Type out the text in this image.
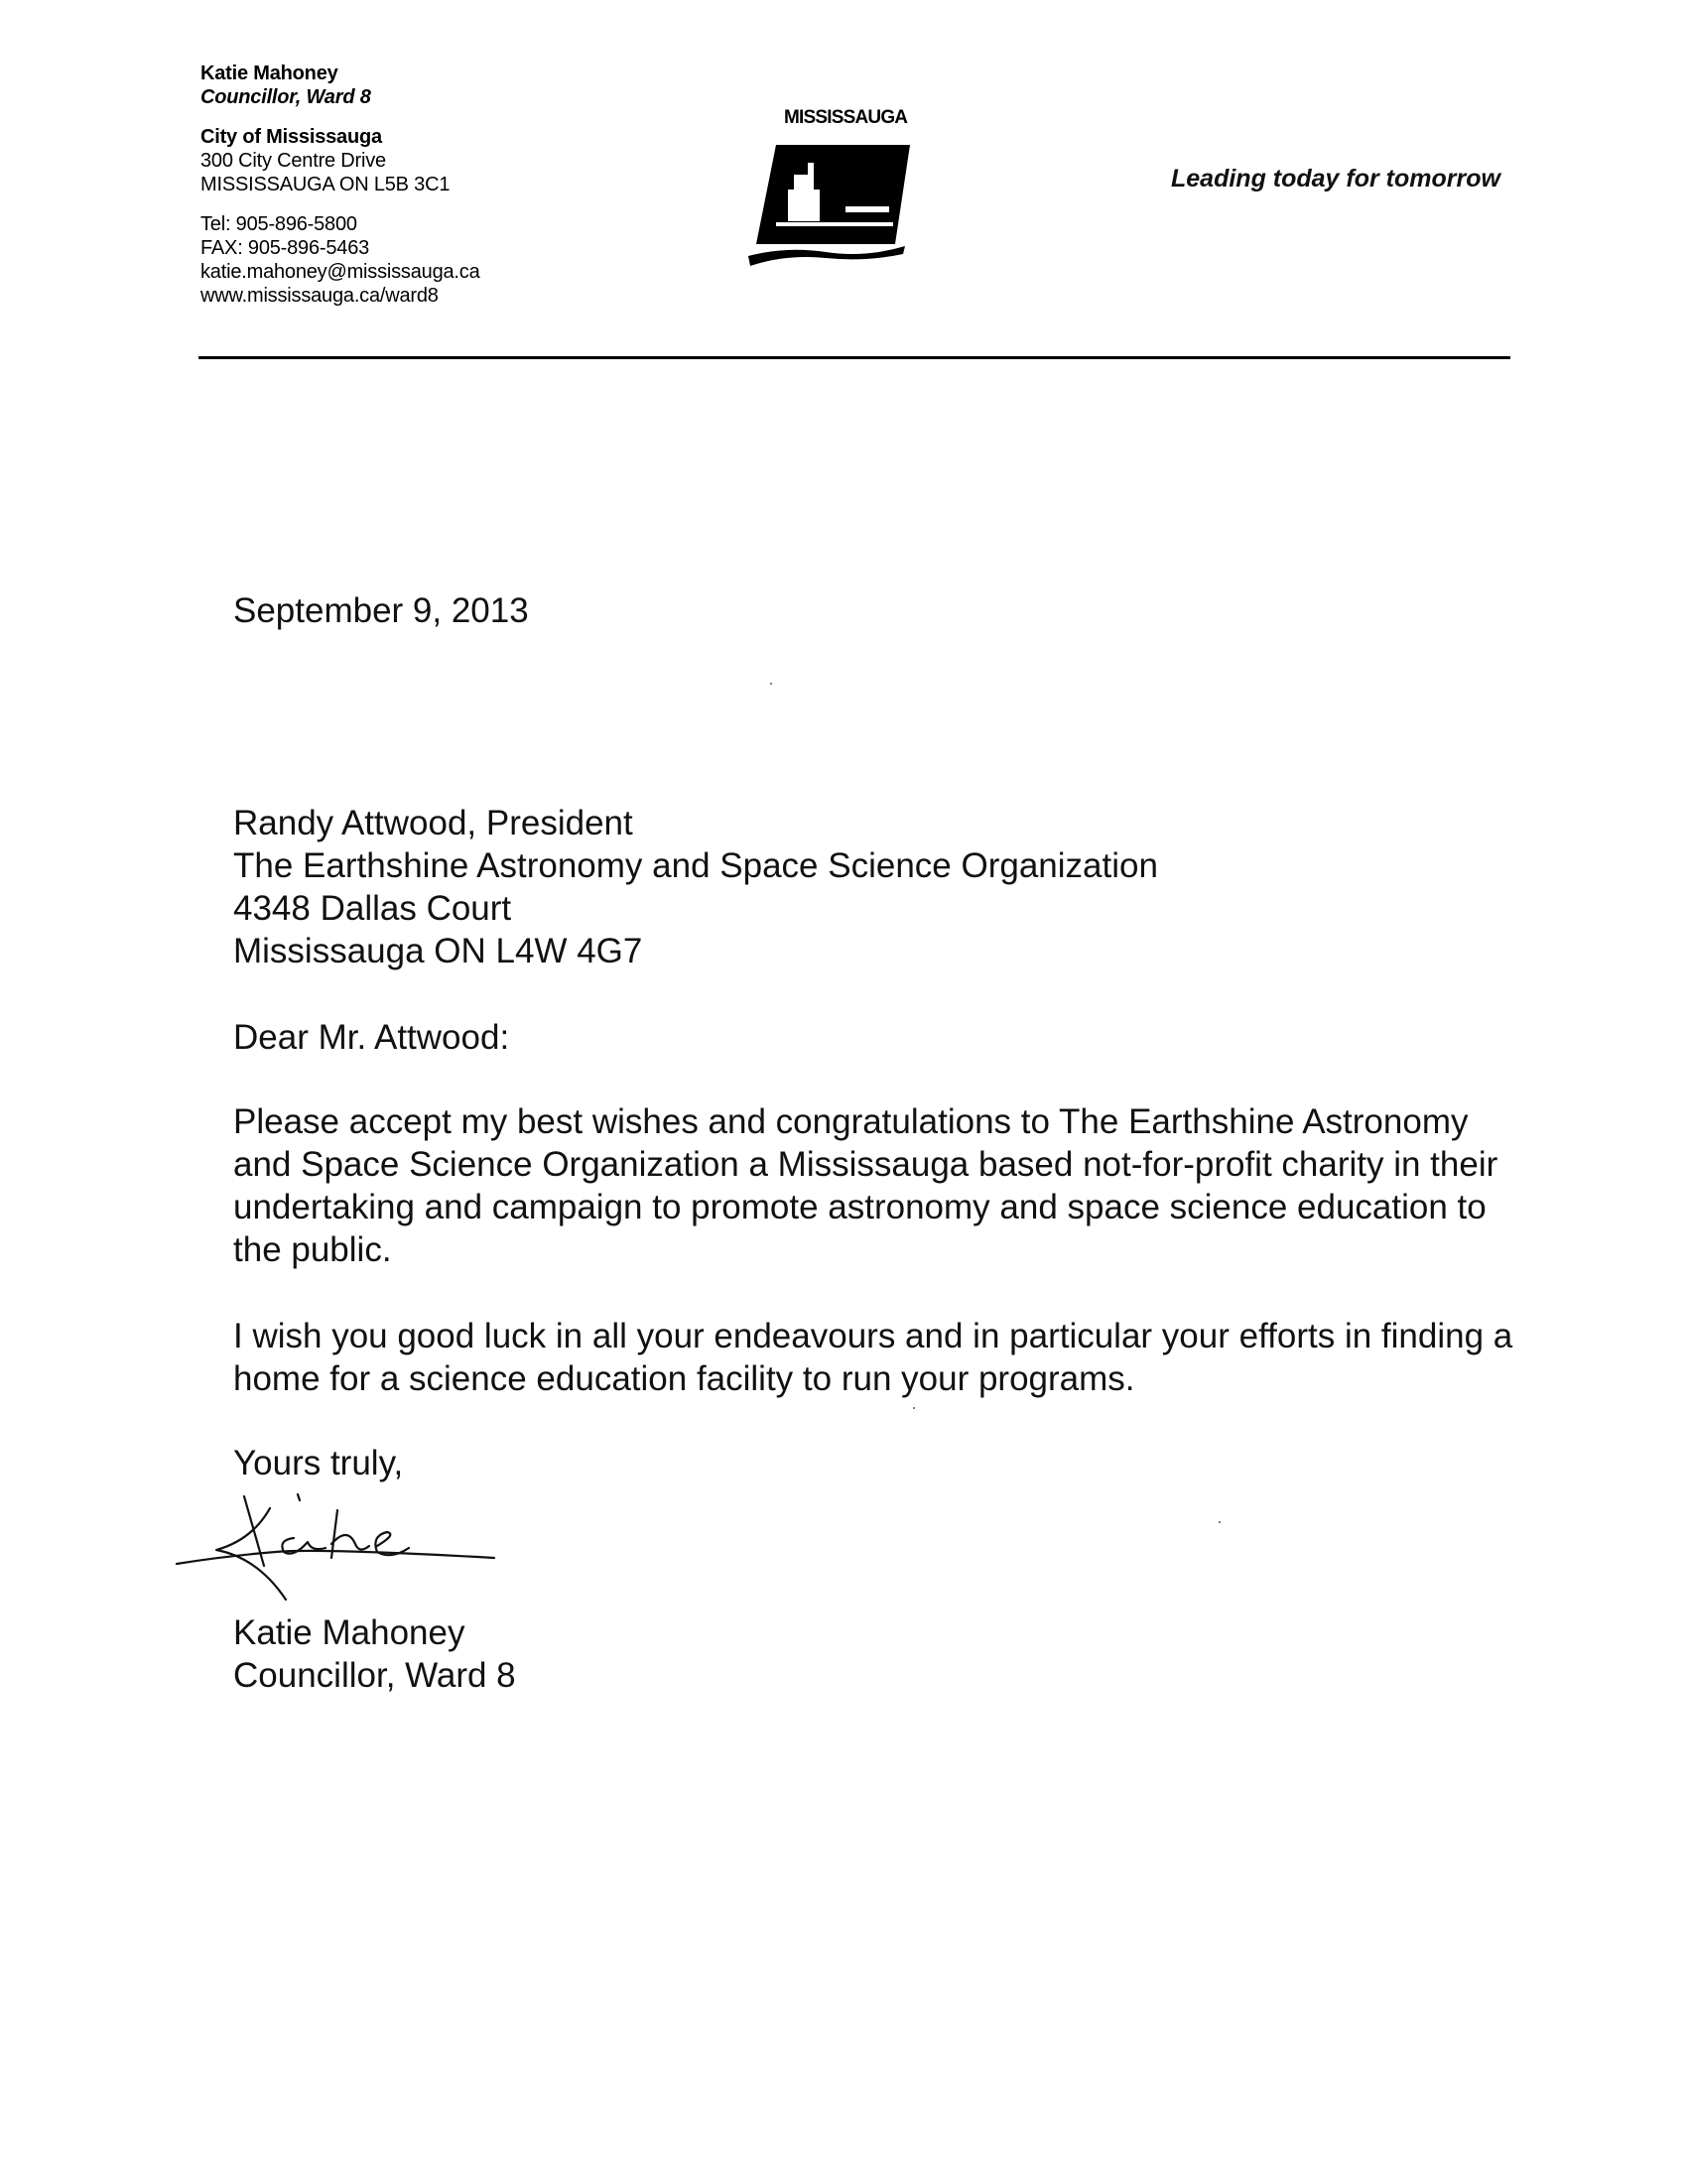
Katie Mahoney
Councillor, Ward 8
City of Mississauga
300 City Centre Drive
MISSISSAUGA ON L5B 3C1
Tel: 905-896-5800
FAX: 905-896-5463
katie.mahoney@mississauga.ca
www.mississauga.ca/ward8
MISSISSAUGA
Leading today for tomorrow
September 9, 2013
Randy Attwood, President
The Earthshine Astronomy and Space Science Organization
4348 Dallas Court
Mississauga ON L4W 4G7
Dear Mr. Attwood:
Please accept my best wishes and congratulations to The Earthshine Astronomy and Space Science Organization a Mississauga based not-for-profit charity in their undertaking and campaign to promote astronomy and space science education to the public.
I wish you good luck in all your endeavours and in particular your efforts in finding a home for a science education facility to run your programs.
Yours truly,
Katie Mahoney
Councillor, Ward 8
